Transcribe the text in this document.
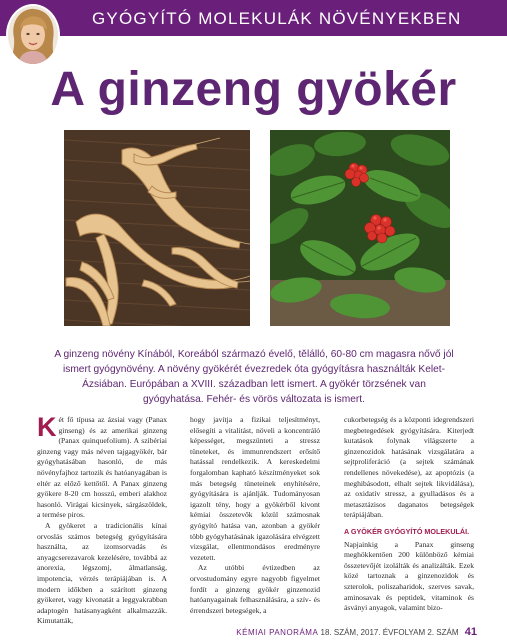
GYÓGYÍTÓ MOLEKULÁK NÖVÉNYEKBEN
A ginzeng gyökér
A ginzeng növény Kínából, Koreából származó évelő, tělálló, 60-80 cm magasra nővő jól ismert gyógynövény. A növény gyökérét évezredek óta gyógyításra használták Kelet-Ázsiában. Európában a XVIII. században lett ismert. A gyökér törzsének van gyógyhatása. Fehér- és vörös változata is ismert.
K ét fő típusa az ázsiai vagy (Panax ginseng) és az amerikai ginzeng (Panax quinquefolium). A szibériai ginzeng vagy más néven tajgagyökér, bár gyógyhatásában hasonló, de más növényfajhoz tartozik és hatóanyagában is eltér az előző kettőtől. A Panax ginzeng gyökere 8-20 cm hosszú, emberi alakhoz hasonló. Virágai kicsinyek, sárgászöldek, a termése piros.

A gyökeret a tradicionális kínai orvoslás számos betegség gyógyítására használta, az izomsorvadás és anyagcserezavarok kezelésére, továbbá az anorexia, légszomj, álmatlanság, impotencia, vérzés terápiájában is. A modern időkben a szárított ginzeng gyökeret, vagy kivonatát a leggyakrabban adaptogén hatásanyagként alkalmazzák. Kimutatták,

hogy javítja a fizikai teljesítményt, elősegíti a vitalitást, növeli a koncentráló képességet, megszünteti a stressz tüneteket, és immunrendszert erősítő hatással rendelkezik. A kereskedelmi forgalomban kapható készítményeket sok más betegség tüneteinek enyhítésére, gyógyítására is ajánlják. Tudományosan igazolt tény, hogy a gyökérből kivont kémiai összetevők közül számosnak gyógyító hatása van, azonban a gyökér több gyógyhatásának igazolására elvégzett vizsgálat, ellentmondásos eredményre vezetett.

Az utóbbi évtizedben az orvostudomány egyre nagyobb figyelmet fordít a ginzeng gyökér ginzenozid hatóanyagainak felhasználására, a szív- és érrendszeri betegségek, a

cukorbetegség és a központi idegrendszeri megbetegedések gyógyítására. Kiterjedt kutatások folynak világszerte a ginzenozidok hatásának vizsgálatára a sejtproliferáció (a sejtek számának rendellenes növekedése), az apoptózis (a meghibásodott, elhalt sejtek likvidálása), az oxidatív stressz, a gyulladásos és a metasztázisos daganatos betegségek terápiájában.

A GYÖKÉR GYÓGYÍTÓ MOLEKULÁI.

Napjainkig a Panax ginseng meghökkentően 200 különböző kémiai összetevőjét izolálták és analizálták. Ezek közé tartoznak a ginzenozidok és szterolok, poliszaharidok, szerves savak, aminosavak és peptidek, vitaminok és ásványi anyagok, valamint bizo-

KÉMIAI PANORÁMA 18. SZÁM, 2017. ÉVFOLYAM 2. SZÁM 41
